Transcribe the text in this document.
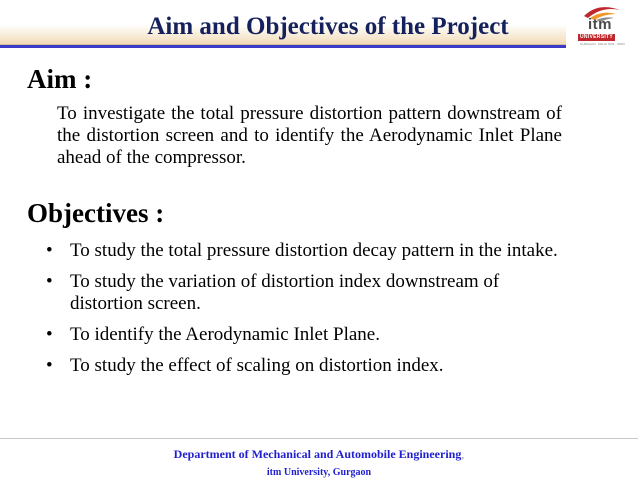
Aim and Objectives of the Project	itm
UNIVERSITY
GURGAON · DELHI NCR · INDIA
Aim :

To investigate the total pressure distortion pattern downstream of the distortion screen and to identify the Aerodynamic Inlet Plane ahead of the compressor.

Objectives :
• To study the total pressure distortion decay pattern in the intake.
• To study the variation of distortion index downstream of distortion screen.
• To identify the Aerodynamic Inlet Plane.
• To study the effect of scaling on distortion index.
Department of Mechanical and Automobile Engineering,
itm University, Gurgaon
